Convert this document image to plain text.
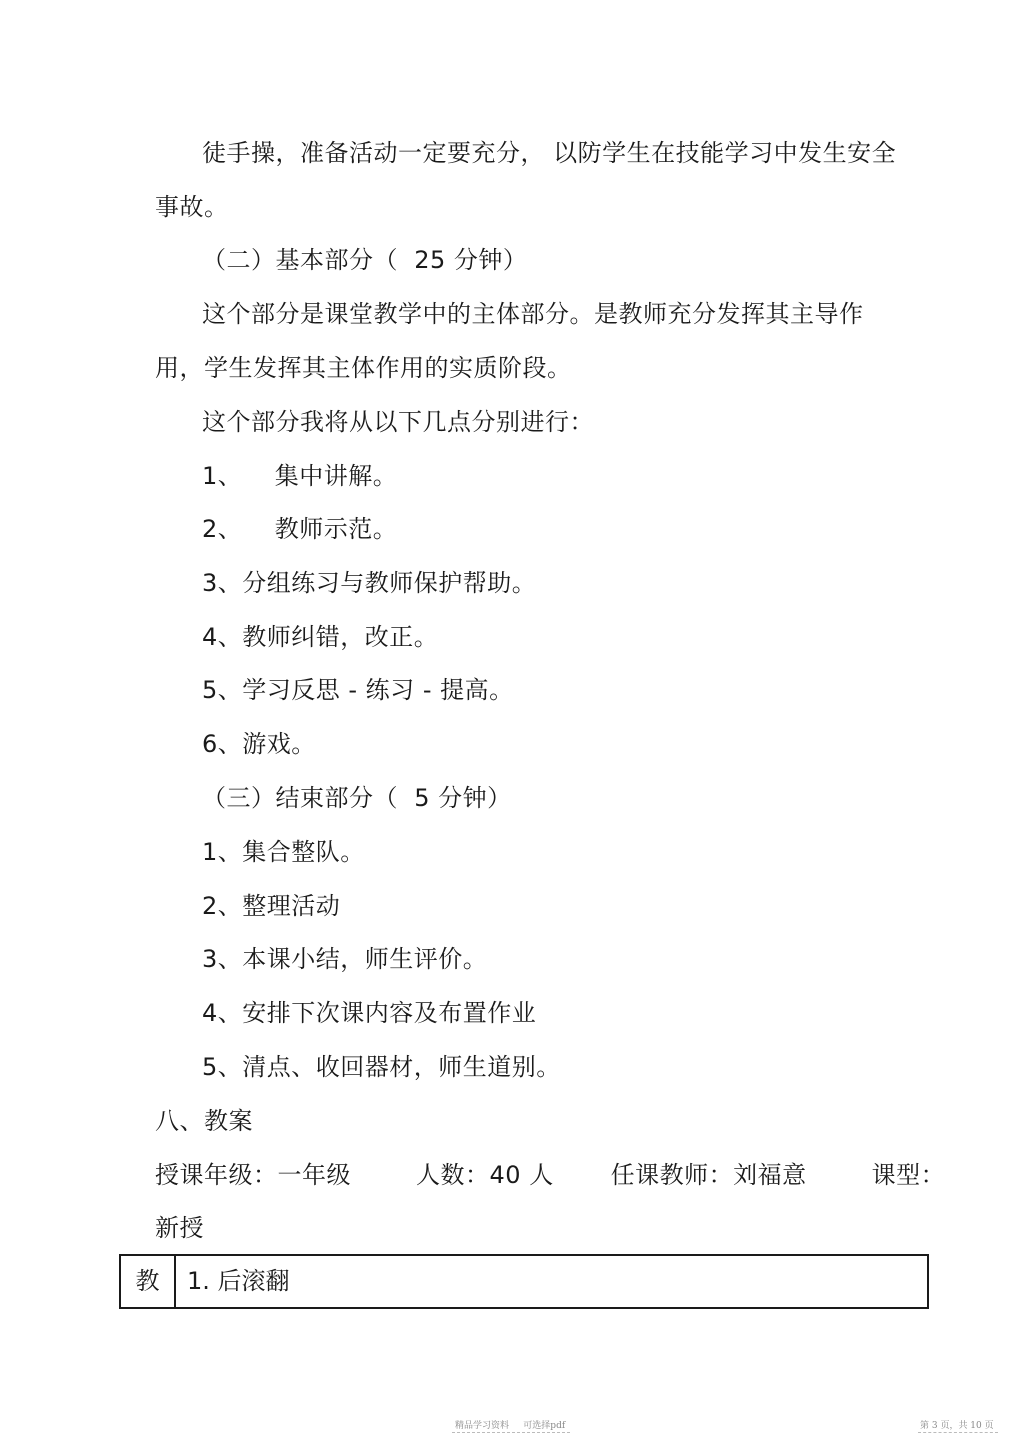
徒手操，准备活动一定要充分， 以防学生在技能学习中发生安全

事故。

（二）基本部分（  25 分钟）

这个部分是课堂教学中的主体部分。是教师充分发挥其主导作

用，学生发挥其主体作用的实质阶段。

这个部分我将从以下几点分别进行：

1、    集中讲解。

2、    教师示范。

3、分组练习与教师保护帮助。

4、教师纠错，改正。

5、学习反思 - 练习 - 提高。

6、游戏。

（三）结束部分（  5 分钟）

1、集合整队。

2、整理活动

3、本课小结，师生评价。

4、安排下次课内容及布置作业

5、清点、收回器材，师生道别。

八、教案

授课年级：一年级        人数：40 人       任课教师：刘福意        课型：

新授

教	1. 后滚翻
精品学习资料     可选择pdf	第 3 页，共 10 页
